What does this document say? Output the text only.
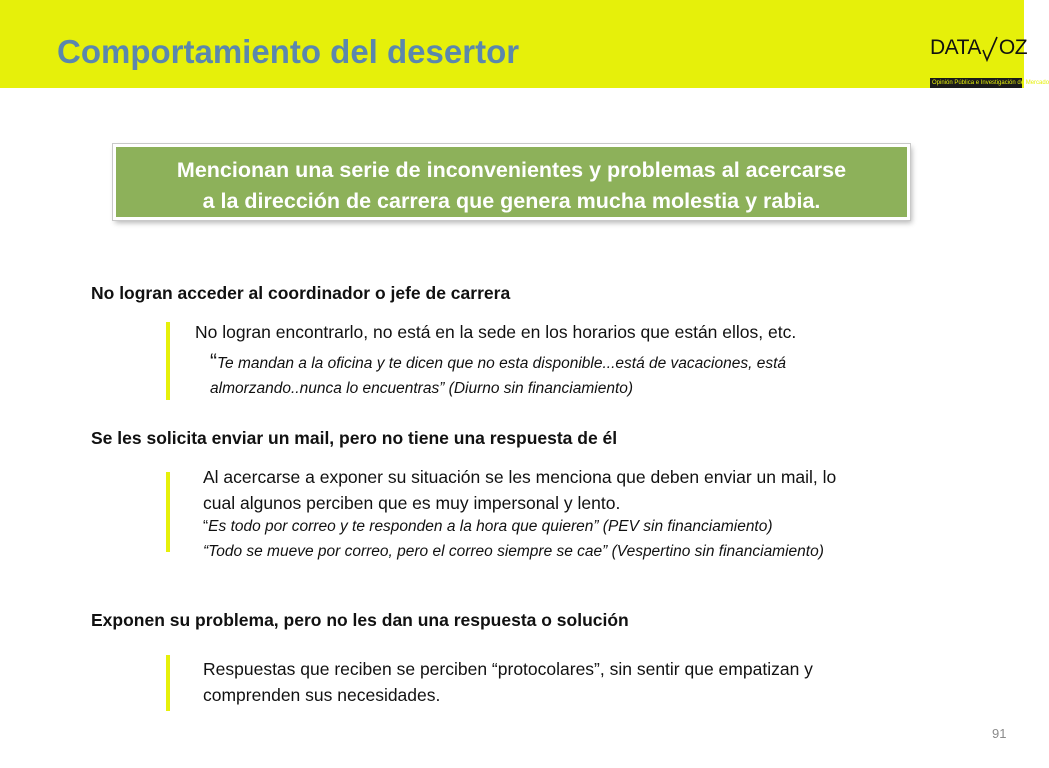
Comportamiento del desertor	DATA OZ
Opinión Pública e Investigación de Mercado
Mencionan una serie de inconvenientes y problemas al acercarse
a la dirección de carrera que genera mucha molestia y rabia.
No logran acceder al coordinador o jefe de carrera

No logran encontrarlo, no está en la sede en los horarios que están ellos, etc.

“Te mandan a la oficina y te dicen que no esta disponible...está de vacaciones, está

almorzando..nunca lo encuentras” (Diurno sin financiamiento)

Se les solicita enviar un mail, pero no tiene una respuesta de él

Al acercarse a exponer su situación se les menciona que deben enviar un mail, lo

cual algunos perciben que es muy impersonal y lento.

“Es todo por correo y te responden a la hora que quieren” (PEV sin financiamiento)

“Todo se mueve por correo, pero el correo siempre se cae” (Vespertino sin financiamiento)

Exponen su problema, pero no les dan una respuesta o solución

Respuestas que reciben se perciben “protocolares”, sin sentir que empatizan y

comprenden sus necesidades.

91
